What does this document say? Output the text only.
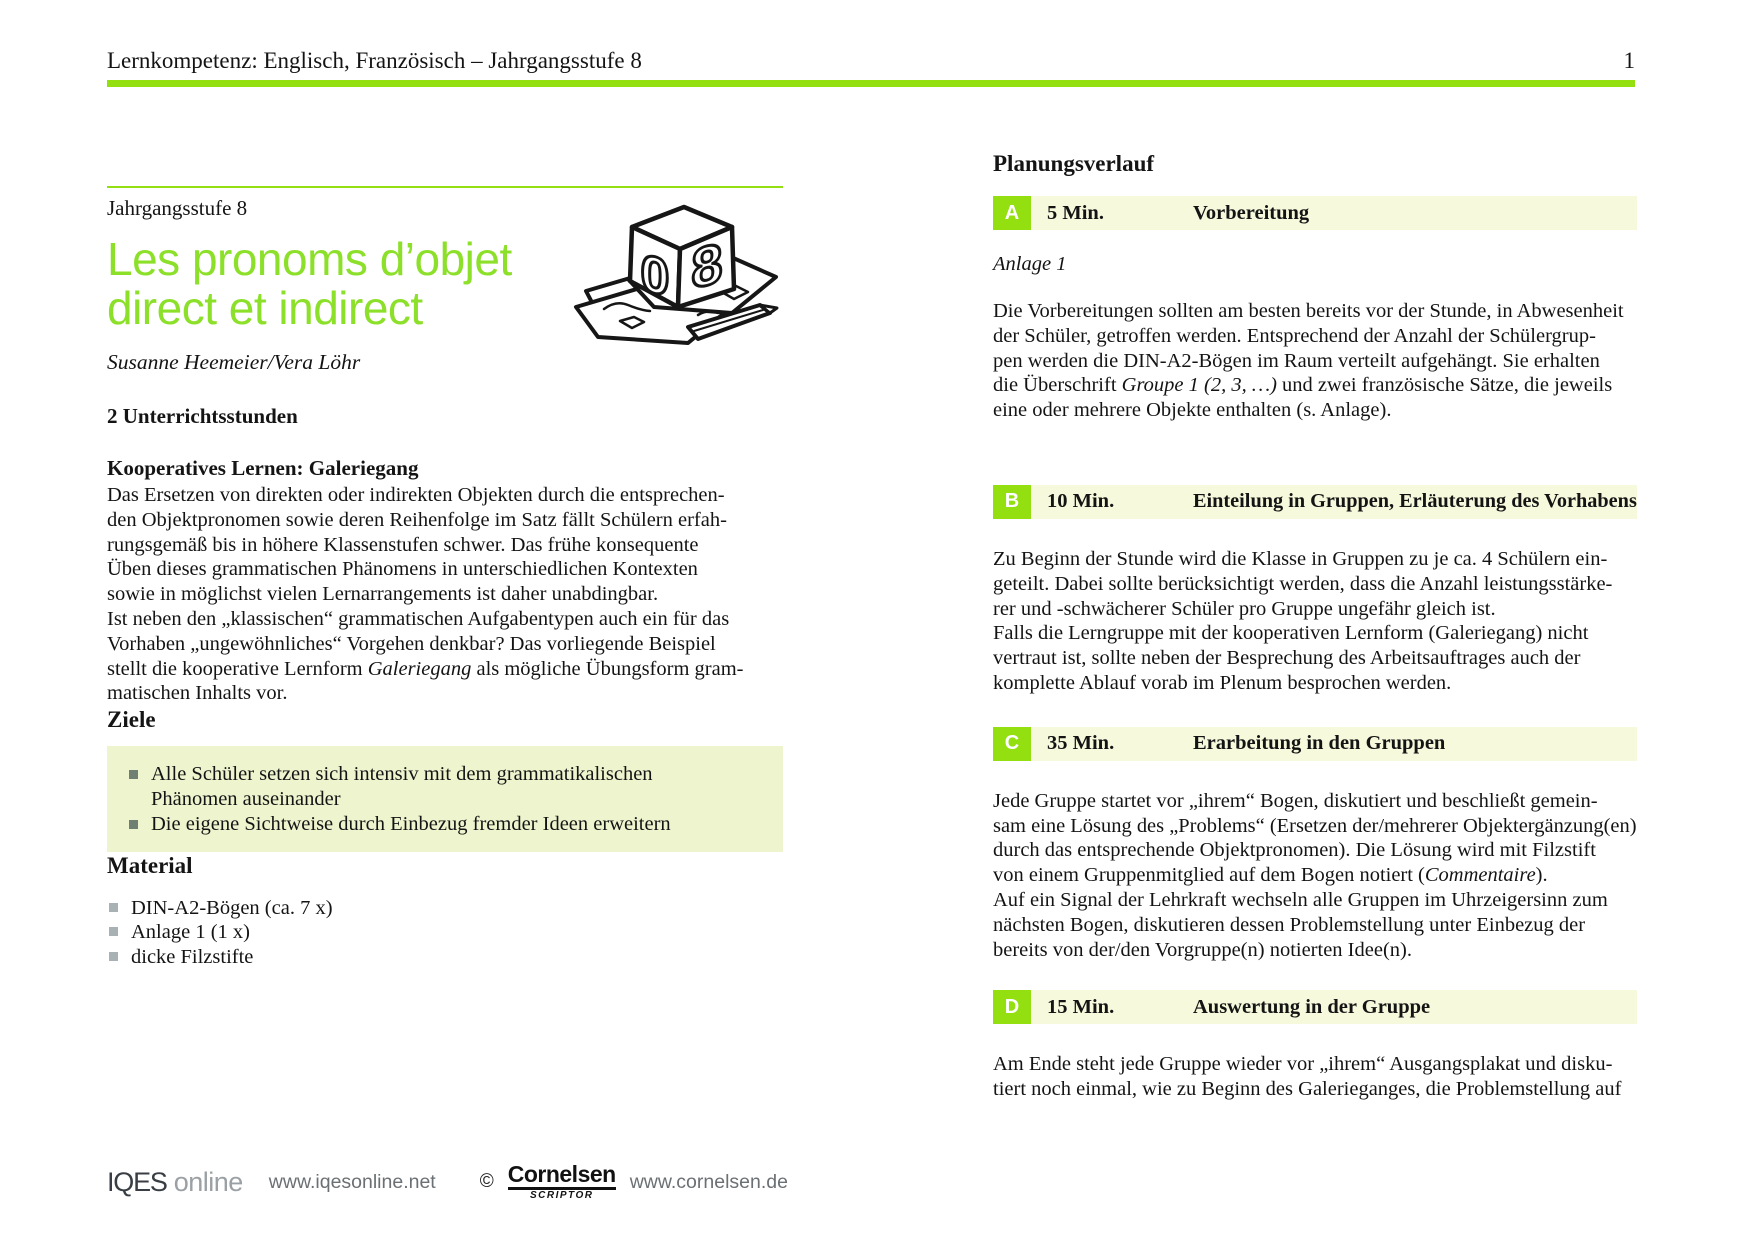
Lernkompetenz: Englisch, Französisch – Jahrgangsstufe 8	1
Jahrgangsstufe 8
Les pronoms d’objet
direct et indirect
Susanne Heemeier/Vera Löhr
2 Unterrichtsstunden
Kooperatives Lernen: Galeriegang
Das Ersetzen von direkten oder indirekten Objekten durch die entsprechen-
den Objektpronomen sowie deren Reihenfolge im Satz fällt Schülern erfah-
rungsgemäß bis in höhere Klassenstufen schwer. Das frühe konsequente
Üben dieses grammatischen Phänomens in unterschiedlichen Kontexten
sowie in möglichst vielen Lernarrangements ist daher unabdingbar.
Ist neben den „klassischen“ grammatischen Aufgabentypen auch ein für das
Vorhaben „ungewöhnliches“ Vorgehen denkbar? Das vorliegende Beispiel
stellt die kooperative Lernform Galeriegang als mögliche Übungsform gram-
matischen Inhalts vor.
Ziele
Alle Schüler setzen sich intensiv mit dem grammatikalischen
Phänomen auseinander
Die eigene Sichtweise durch Einbezug fremder Ideen erweitern
Material
DIN-A2-Bögen (ca. 7 x)
Anlage 1 (1 x)
dicke Filzstifte
0 8
Planungsverlauf
A	5 Min.	Vorbereitung

Anlage 1

Die Vorbereitungen sollten am besten bereits vor der Stunde, in Abwesenheit
der Schüler, getroffen werden. Entsprechend der Anzahl der Schülergrup-
pen werden die DIN-A2-Bögen im Raum verteilt aufgehängt. Sie erhalten
die Überschrift Groupe 1 (2, 3, …) und zwei französische Sätze, die jeweils
eine oder mehrere Objekte enthalten (s. Anlage).
B	10 Min.	Einteilung in Gruppen, Erläuterung des Vorhabens
Zu Beginn der Stunde wird die Klasse in Gruppen zu je ca. 4 Schülern ein-
geteilt. Dabei sollte berücksichtigt werden, dass die Anzahl leistungsstärke-
rer und -schwächerer Schüler pro Gruppe ungefähr gleich ist.
Falls die Lerngruppe mit der kooperativen Lernform (Galeriegang) nicht
vertraut ist, sollte neben der Besprechung des Arbeitsauftrages auch der
komplette Ablauf vorab im Plenum besprochen werden.
C	35 Min.	Erarbeitung in den Gruppen
Jede Gruppe startet vor „ihrem“ Bogen, diskutiert und beschließt gemein-
sam eine Lösung des „Problems“ (Ersetzen der/mehrerer Objektergänzung(en)
durch das entsprechende Objektpronomen). Die Lösung wird mit Filzstift
von einem Gruppenmitglied auf dem Bogen notiert (Commentaire).
Auf ein Signal der Lehrkraft wechseln alle Gruppen im Uhrzeigersinn zum
nächsten Bogen, diskutieren dessen Problemstellung unter Einbezug der
bereits von der/den Vorgruppe(n) notierten Idee(n).
D	15 Min.	Auswertung in der Gruppe
Am Ende steht jede Gruppe wieder vor „ihrem“ Ausgangsplakat und disku-
tiert noch einmal, wie zu Beginn des Galerieganges, die Problemstellung auf
IQES online www.iqesonline.net © Cornelsen
SCRIPTOR
www.cornelsen.de
